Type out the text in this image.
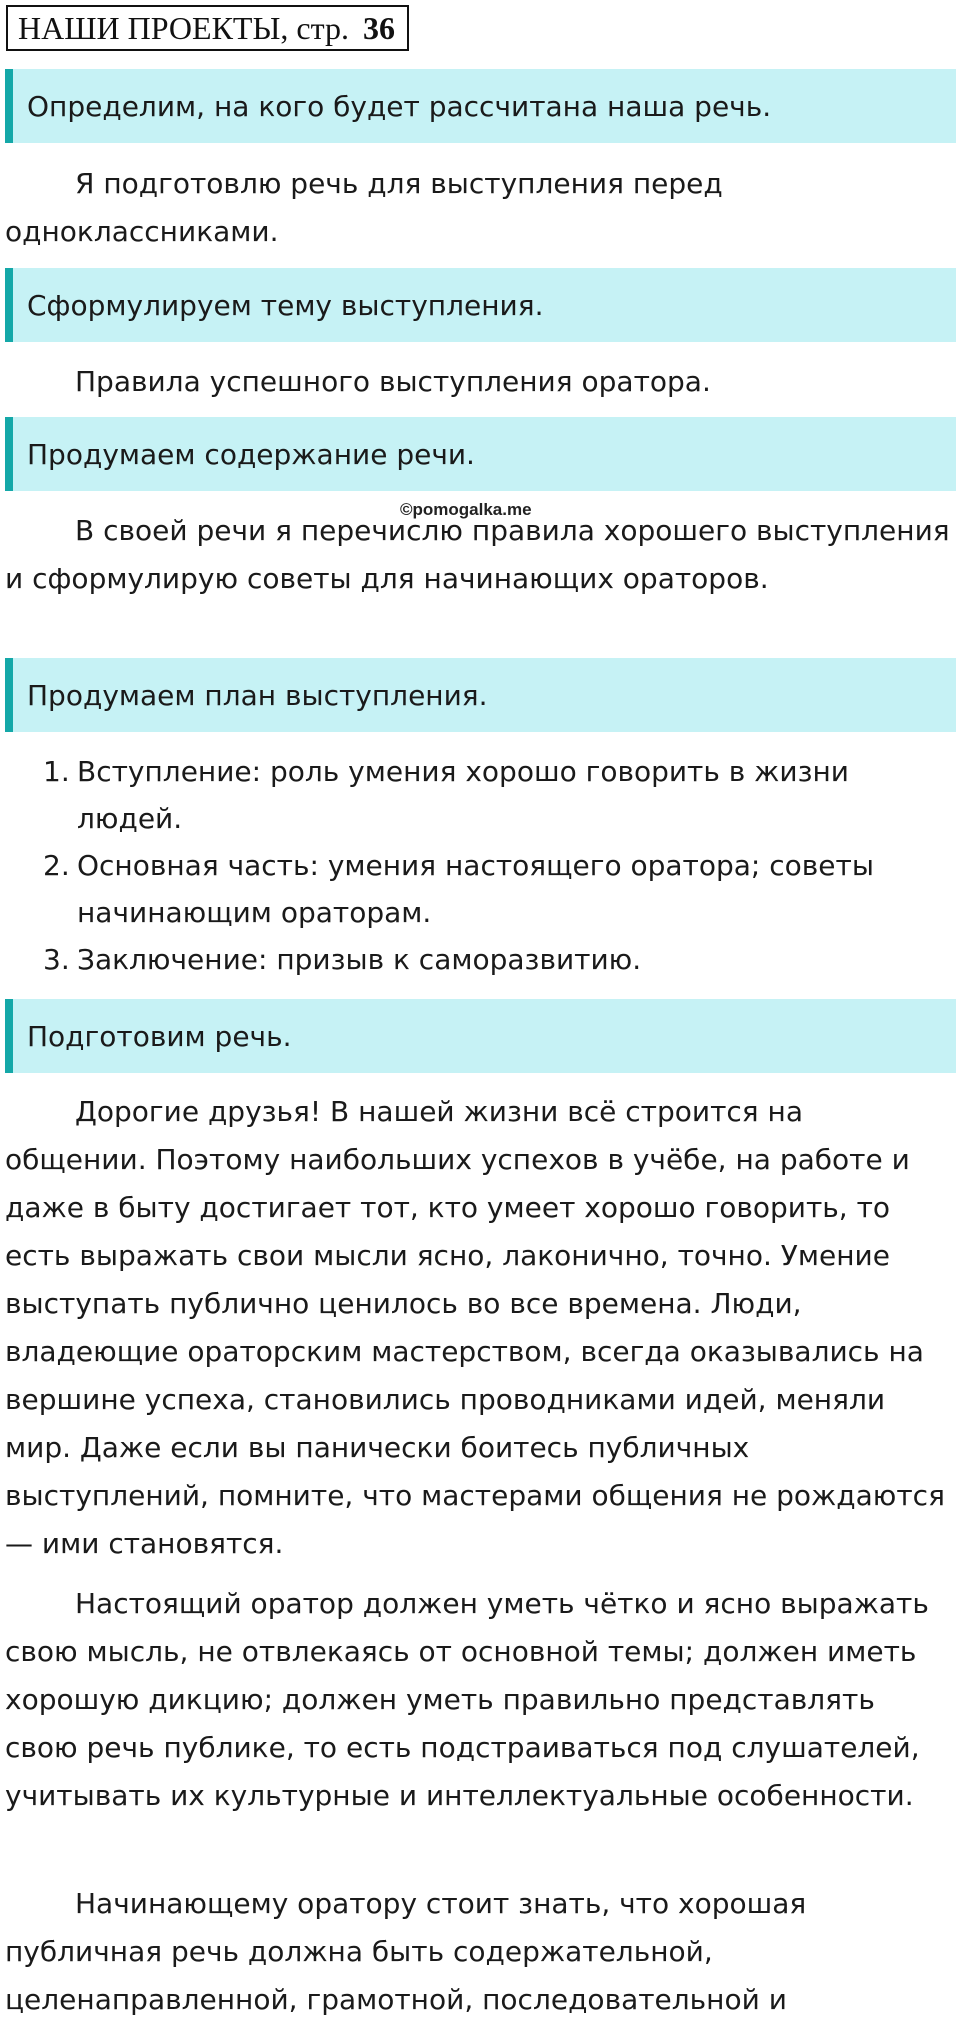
НАШИ ПРОЕКТЫ, стр. 36
Определим, на кого будет рассчитана наша речь.

Я подготовлю речь для выступления перед одноклассниками.

Сформулируем тему выступления.

Правила успешного выступления оратора.

Продумаем содержание речи.
©pomogalka.me

В своей речи я перечислю правила хорошего выступления и сформулирую советы для начинающих ораторов.

Продумаем план выступления.
1. Вступление: роль умения хорошо говорить в жизни людей.
2. Основная часть: умения настоящего оратора; советы начинающим ораторам.
3. Заключение: призыв к саморазвитию.
Подготовим речь.

Дорогие друзья! В нашей жизни всё строится на общении. Поэтому наибольших успехов в учёбе, на работе и даже в быту достигает тот, кто умеет хорошо говорить, то есть выражать свои мысли ясно, лаконично, точно. Умение выступать публично ценилось во все времена. Люди, владеющие ораторским мастерством, всегда оказывались на вершине успеха, становились проводниками идей, меняли мир. Даже если вы панически боитесь публичных выступлений, помните, что мастерами общения не рождаются — ими становятся.

Настоящий оратор должен уметь чётко и ясно выражать свою мысль, не отвлекаясь от основной темы; должен иметь хорошую дикцию; должен уметь правильно представлять свою речь публике, то есть подстраиваться под слушателей, учитывать их культурные и интеллектуальные особенности.

Начинающему оратору стоит знать, что хорошая публичная речь должна быть содержательной, целенаправленной, грамотной, последовательной и
